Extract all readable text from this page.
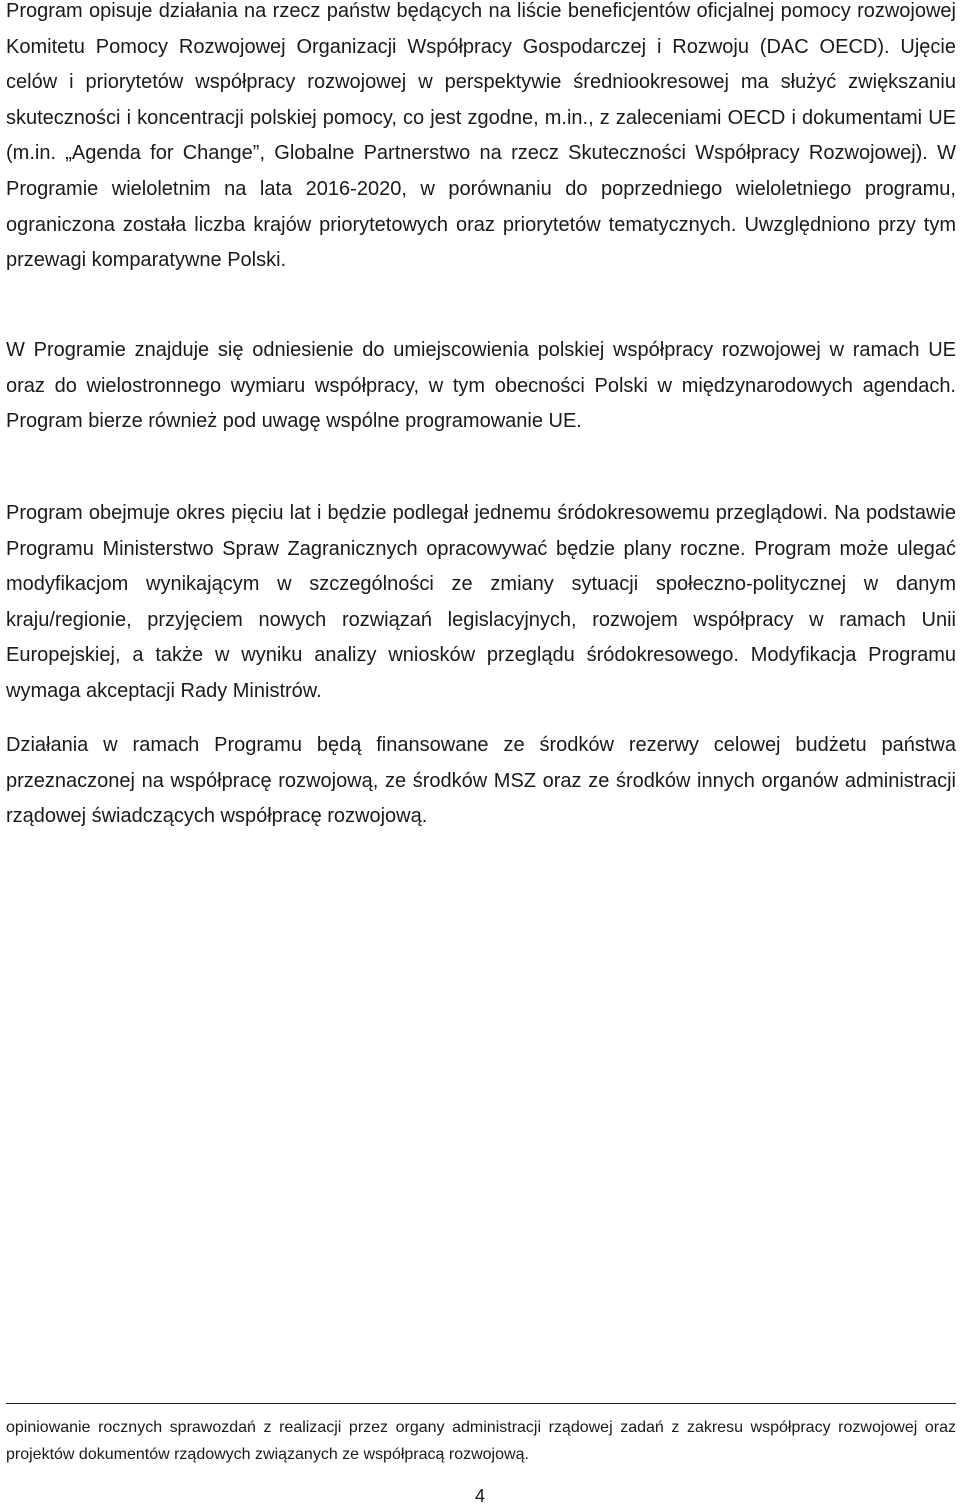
Program opisuje działania na rzecz państw będących na liście beneficjentów oficjalnej pomocy rozwojowej Komitetu Pomocy Rozwojowej Organizacji Współpracy Gospodarczej i Rozwoju (DAC OECD). Ujęcie celów i priorytetów współpracy rozwojowej w perspektywie średniookresowej ma służyć zwiększaniu skuteczności i koncentracji polskiej pomocy, co jest zgodne, m.in., z zaleceniami OECD i dokumentami UE (m.in. „Agenda for Change”, Globalne Partnerstwo na rzecz Skuteczności Współpracy Rozwojowej). W Programie wieloletnim na lata 2016-2020, w porównaniu do poprzedniego wieloletniego programu, ograniczona została liczba krajów priorytetowych oraz priorytetów tematycznych. Uwzględniono przy tym przewagi komparatywne Polski.

W Programie znajduje się odniesienie do umiejscowienia polskiej współpracy rozwojowej w ramach UE oraz do wielostronnego wymiaru współpracy, w tym obecności Polski w międzynarodowych agendach. Program bierze również pod uwagę wspólne programowanie UE.

Program obejmuje okres pięciu lat i będzie podlegał jednemu śródokresowemu przeglądowi. Na podstawie Programu Ministerstwo Spraw Zagranicznych opracowywać będzie plany roczne. Program może ulegać modyfikacjom wynikającym w szczególności ze zmiany sytuacji społeczno-politycznej w danym kraju/regionie, przyjęciem nowych rozwiązań legislacyjnych, rozwojem współpracy w ramach Unii Europejskiej, a także w wyniku analizy wniosków przeglądu śródokresowego. Modyfikacja Programu wymaga akceptacji Rady Ministrów.

Działania w ramach Programu będą finansowane ze środków rezerwy celowej budżetu państwa przeznaczonej na współpracę rozwojową, ze środków MSZ oraz ze środków innych organów administracji rządowej świadczących współpracę rozwojową.

opiniowanie rocznych sprawozdań z realizacji przez organy administracji rządowej zadań z zakresu współpracy rozwojowej oraz projektów dokumentów rządowych związanych ze współpracą rozwojową.

4
